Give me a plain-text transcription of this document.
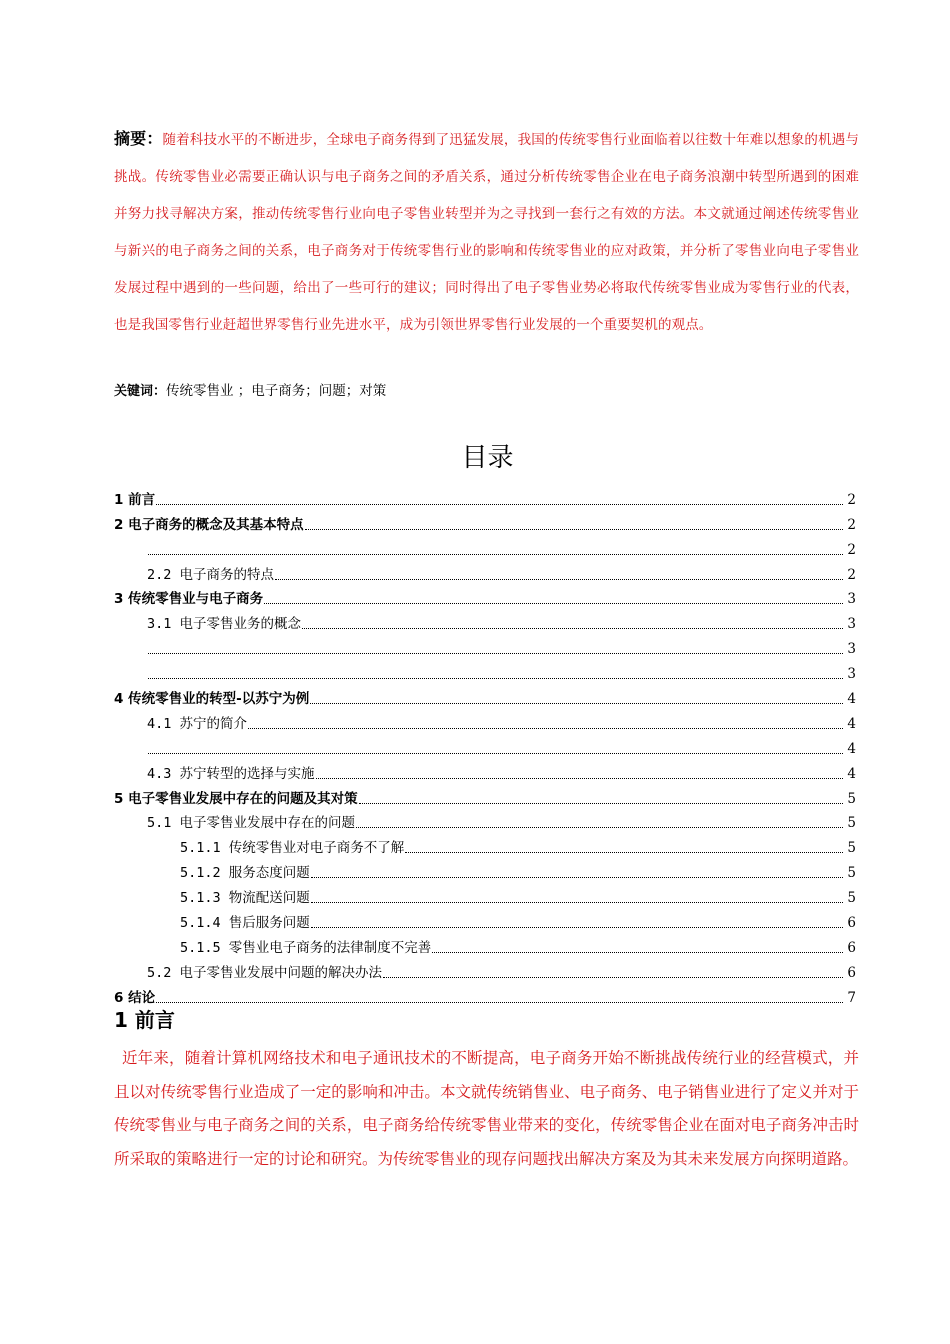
摘要：随着科技水平的不断进步，全球电子商务得到了迅猛发展，我国的传统零售行业面临着以往数十年难以想象的机遇与挑战。传统零售业必需要正确认识与电子商务之间的矛盾关系，通过分析传统零售企业在电子商务浪潮中转型所遇到的困难并努力找寻解决方案，推动传统零售行业向电子零售业转型并为之寻找到一套行之有效的方法。本文就通过阐述传统零售业与新兴的电子商务之间的关系，电子商务对于传统零售行业的影响和传统零售业的应对政策，并分析了零售业向电子零售业发展过程中遇到的一些问题，给出了一些可行的建议；同时得出了电子零售业势必将取代传统零售业成为零售行业的代表，也是我国零售行业赶超世界零售行业先进水平，成为引领世界零售行业发展的一个重要契机的观点。
关键词：传统零售业 ；电子商务；问题；对策
目录
1 前言	2
2 电子商务的概念及其基本特点	2
2
2.2 电子商务的特点	2
3 传统零售业与电子商务	3
3.1 电子零售业务的概念	3
3
3
4 传统零售业的转型-以苏宁为例	4
4.1 苏宁的简介	4
4
4.3 苏宁转型的选择与实施	4
5 电子零售业发展中存在的问题及其对策	5
5.1 电子零售业发展中存在的问题	5
5.1.1 传统零售业对电子商务不了解	5
5.1.2 服务态度问题	5
5.1.3 物流配送问题	5
5.1.4 售后服务问题	6
5.1.5 零售业电子商务的法律制度不完善	6
5.2 电子零售业发展中问题的解决办法	6
6 结论	7
1 前言
近年来，随着计算机网络技术和电子通讯技术的不断提高，电子商务开始不断挑战传统行业的经营模式，并且以对传统零售行业造成了一定的影响和冲击。本文就传统销售业、电子商务、电子销售业进行了定义并对于传统零售业与电子商务之间的关系，电子商务给传统零售业带来的变化，传统零售企业在面对电子商务冲击时所采取的策略进行一定的讨论和研究。为传统零售业的现存问题找出解决方案及为其未来发展方向探明道路。
